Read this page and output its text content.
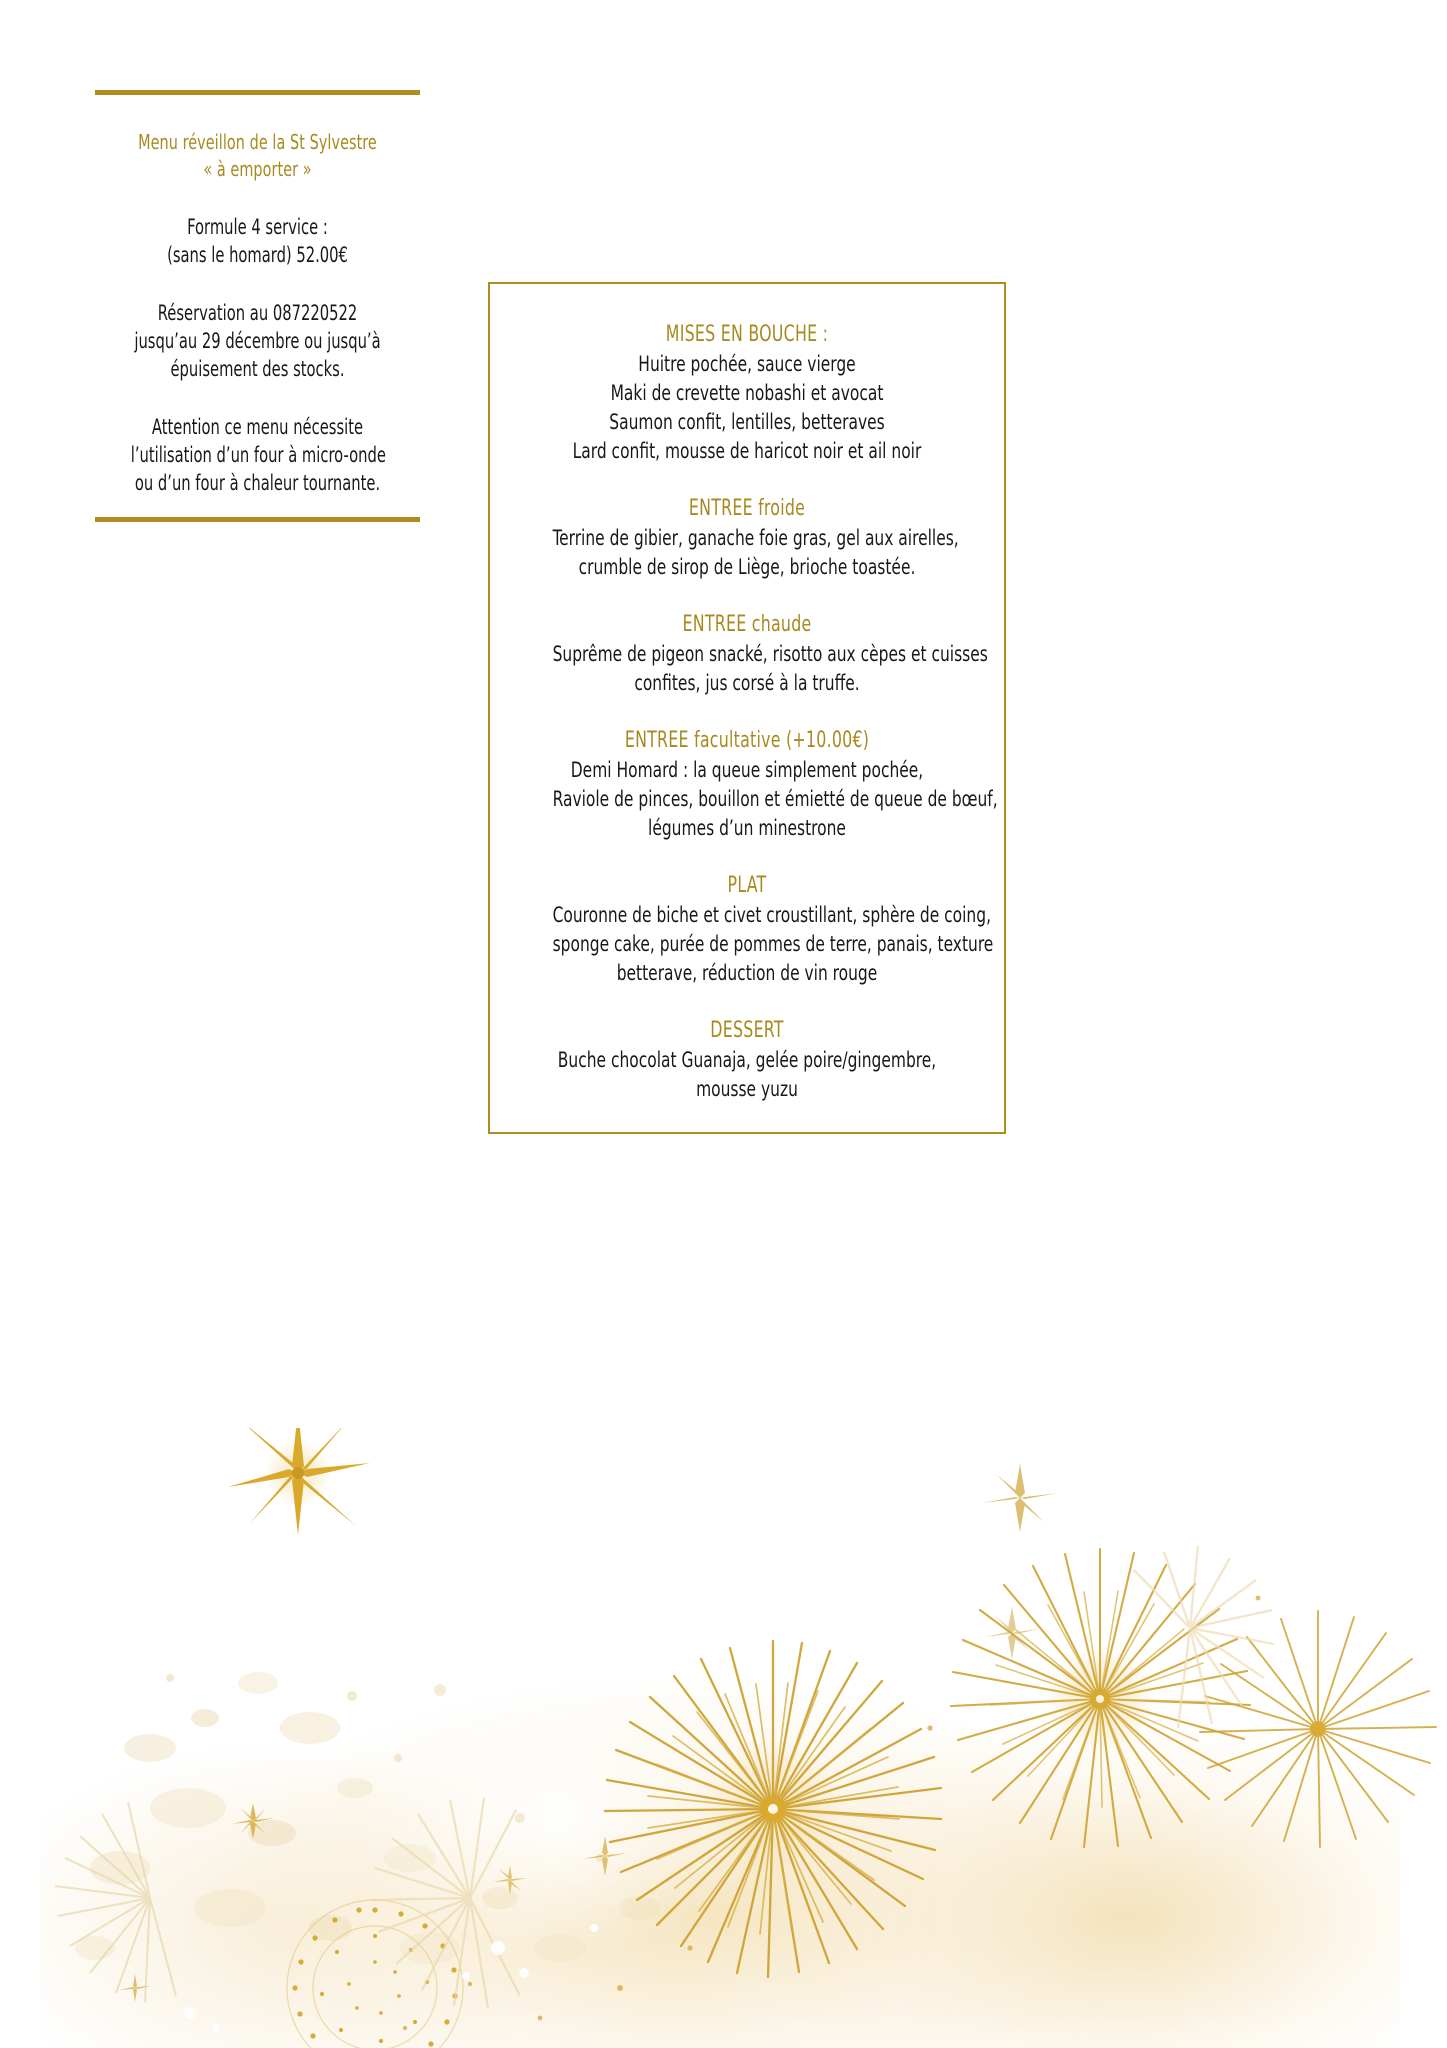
Menu réveillon de la St Sylvestre
« à emporter »
Formule 4 service :
(sans le homard) 52.00€
Réservation au 087220522
jusqu’au 29 décembre ou jusqu’à
épuisement des stocks.
Attention ce menu nécessite
l’utilisation d’un four à micro-onde
ou d’un four à chaleur tournante.
MISES EN BOUCHE :
Huitre pochée, sauce vierge
Maki de crevette nobashi et avocat
Saumon confit, lentilles, betteraves
Lard confit, mousse de haricot noir et ail noir
ENTREE froide
Terrine de gibier, ganache foie gras, gel aux airelles,
crumble de sirop de Liège, brioche toastée.
ENTREE chaude
Suprême de pigeon snacké, risotto aux cèpes et cuisses
confites, jus corsé à la truffe.
ENTREE facultative (+10.00€)
Demi Homard : la queue simplement pochée,
Raviole de pinces, bouillon et émietté de queue de bœuf,
légumes d’un minestrone
PLAT
Couronne de biche et civet croustillant, sphère de coing,
sponge cake, purée de pommes de terre, panais, texture
betterave, réduction de vin rouge
DESSERT
Buche chocolat Guanaja, gelée poire/gingembre,
mousse yuzu
